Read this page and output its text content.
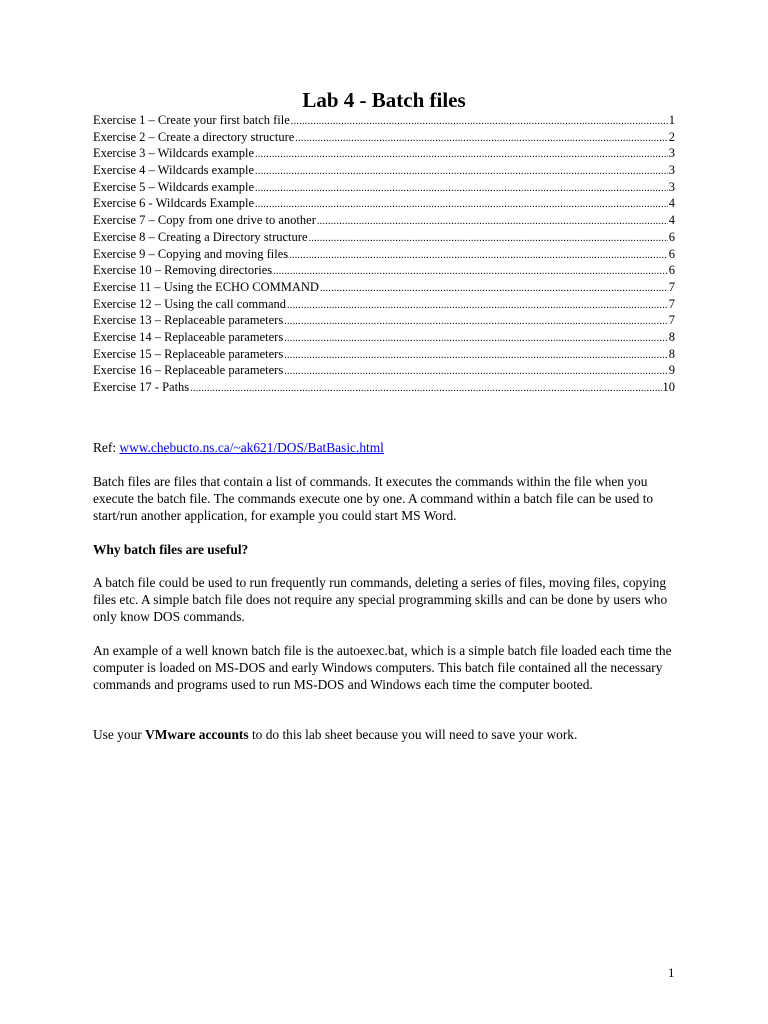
Lab 4 - Batch files
Exercise 1 – Create your first batch file .....	1
Exercise 2 – Create a directory structure .....	2
Exercise 3 – Wildcards example .....	3
Exercise 4 – Wildcards example .....	3
Exercise 5 – Wildcards example .....	3
Exercise 6 - Wildcards Example .....	4
Exercise 7 – Copy from one drive to another .....	4
Exercise 8 – Creating a Directory structure .....	6
Exercise 9 – Copying and moving files .....	6
Exercise 10 – Removing directories .....	6
Exercise 11 – Using the ECHO COMMAND .....	7
Exercise 12 – Using the call command .....	7
Exercise 13 – Replaceable parameters .....	7
Exercise 14 – Replaceable parameters .....	8
Exercise 15 – Replaceable parameters .....	8
Exercise 16 – Replaceable parameters .....	9
Exercise 17 - Paths .....	10
Ref: www.chebucto.ns.ca/~ak621/DOS/BatBasic.html

Batch files are files that contain a list of commands. It executes the commands within the file when you execute the batch file. The commands execute one by one. A command within a batch file can be used to start/run another application, for example you could start MS Word.

Why batch files are useful?

A batch file could be used to run frequently run commands, deleting a series of files, moving files, copying files etc. A simple batch file does not require any special programming skills and can be done by users who only know DOS commands.

An example of a well known batch file is the autoexec.bat, which is a simple batch file loaded each time the computer is loaded on MS-DOS and early Windows computers. This batch file contained all the necessary commands and programs used to run MS-DOS and Windows each time the computer booted.

Use your VMware accounts to do this lab sheet because you will need to save your work.
1
